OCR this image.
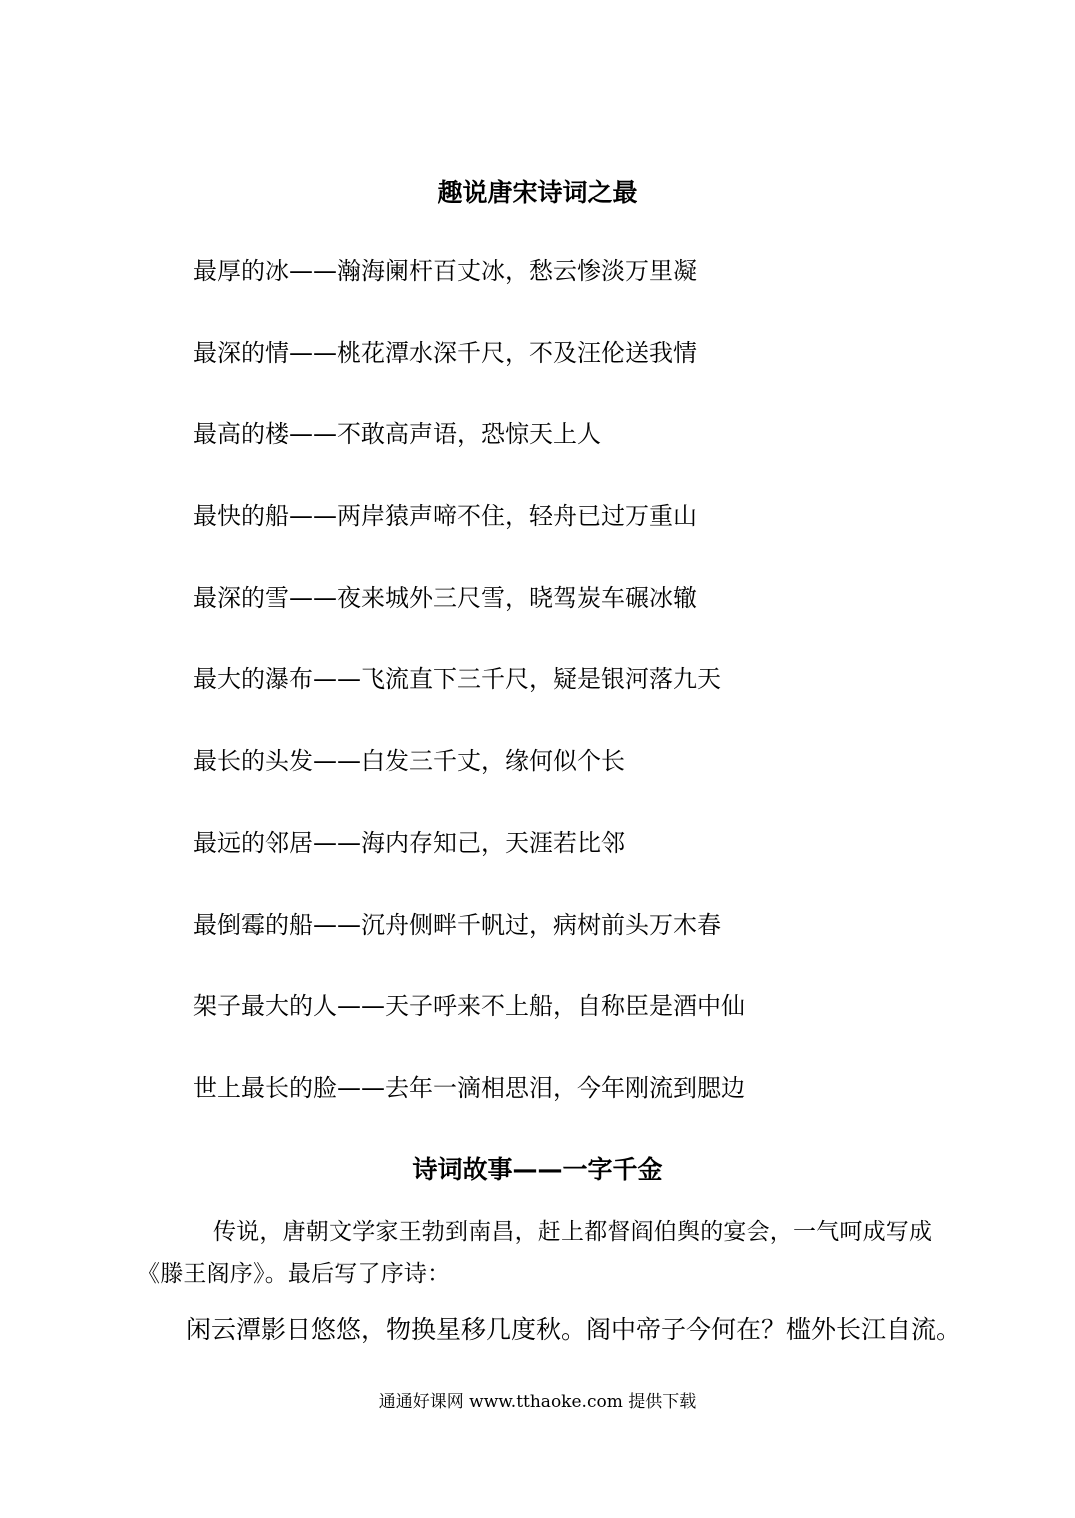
趣说唐宋诗词之最
最厚的冰——瀚海阑杆百丈冰，愁云惨淡万里凝
最深的情——桃花潭水深千尺，不及汪伦送我情
最高的楼——不敢高声语，恐惊天上人
最快的船——两岸猿声啼不住，轻舟已过万重山
最深的雪——夜来城外三尺雪，晓驾炭车碾冰辙
最大的瀑布——飞流直下三千尺，疑是银河落九天
最长的头发——白发三千丈，缘何似个长
最远的邻居——海内存知己，天涯若比邻
最倒霉的船——沉舟侧畔千帆过，病树前头万木春
架子最大的人——天子呼来不上船，自称臣是酒中仙
世上最长的脸——去年一滴相思泪，今年刚流到腮边
诗词故事——一字千金

传说，唐朝文学家王勃到南昌，赶上都督阎伯舆的宴会，一气呵成写成《滕王阁序》。最后写了序诗：

闲云潭影日悠悠，物换星移几度秋。阁中帝子今何在？槛外长江自流。

通通好课网 www.tthaoke.com 提供下载
